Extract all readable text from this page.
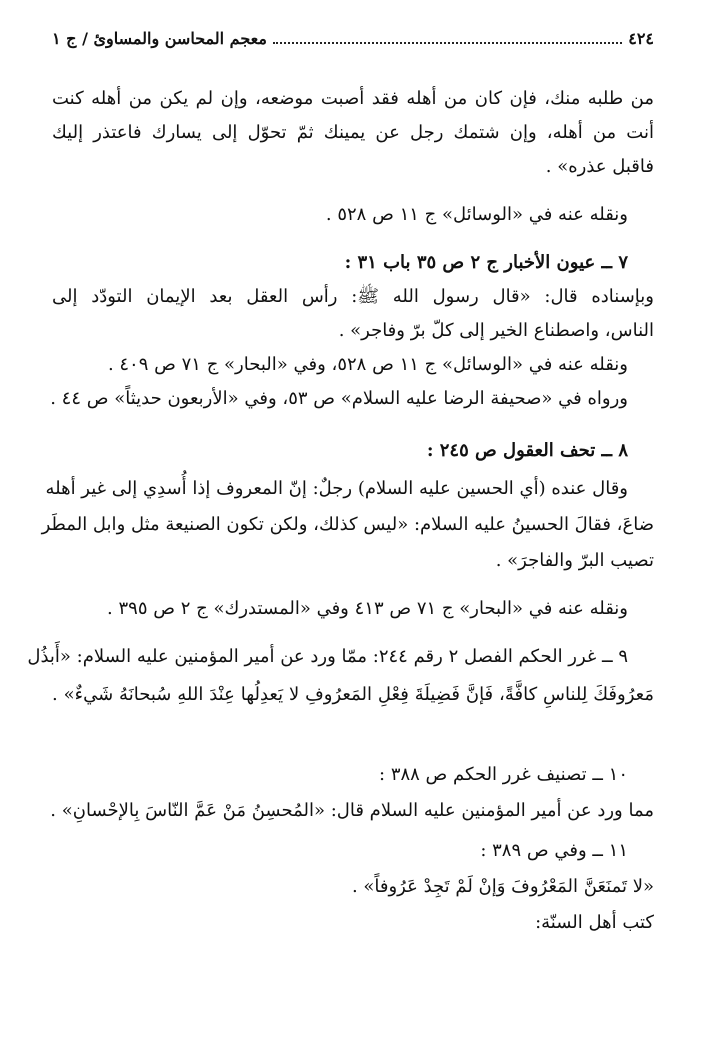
٤٢٤
معجم المحاسن والمساوئ / ج ١
من طلبه منك، فإن كان من أهله فقد أصبت موضعه، وإن لم يكن من أهله كنت
أنت من أهله، وإن شتمك رجل عن يمينك ثمّ تحوّل إلى يسارك فاعتذر إليك
فاقبل عذره» .
ونقله عنه في «الوسائل» ج ١١ ص ٥٢٨ .
٧ ــ عيون الأخبار ج ٢ ص ٣٥ باب ٣١ :
وبإسناده قال: «قال رسول الله ﷺ: رأس العقل بعد الإيمان التودّد إلى
الناس، واصطناع الخير إلى كلّ برّ وفاجر» .
ونقله عنه في «الوسائل» ج ١١ ص ٥٢٨، وفي «البحار» ج ٧١ ص ٤٠٩ .
ورواه في «صحيفة الرضا عليه السلام» ص ٥٣، وفي «الأربعون حديثاً» ص ٤٤ .
٨ ــ تحف العقول ص ٢٤٥ :
وقال عنده (أي الحسين عليه السلام) رجلٌ: إنّ المعروف إذا أُسدِي إلى غير أهله
ضاعَ، فقالَ الحسينُ عليه السلام: «ليس كذلك، ولكن تكون الصنيعة مثل وابل المطَر
تصيب البرّ والفاجرَ» .
ونقله عنه في «البحار» ج ٧١ ص ٤١٣ وفي «المستدرك» ج ٢ ص ٣٩٥ .
٩ ــ غرر الحكم الفصل ٢ رقم ٢٤٤: ممّا ورد عن أمير المؤمنين عليه السلام: «أَبذُل
مَعرُوفَكَ لِلناسِ كافَّةً، فَإنَّ فَضِيلَةَ فِعْلِ المَعرُوفِ لا يَعدِلُها عِنْدَ اللهِ سُبحانَهُ شَيءٌ» .
١٠ ــ تصنيف غرر الحكم ص ٣٨٨ :
مما ورد عن أمير المؤمنين عليه السلام قال: «المُحسِنُ مَنْ عَمَّ النّاسَ بِالإحْسانِ» .
١١ ــ وفي ص ٣٨٩ :
«لا تَمنَعَنَّ المَعْرُوفَ وَإنْ لَمْ تَجِدْ عَرُوفاً» .
كتب أهل السنّة:
